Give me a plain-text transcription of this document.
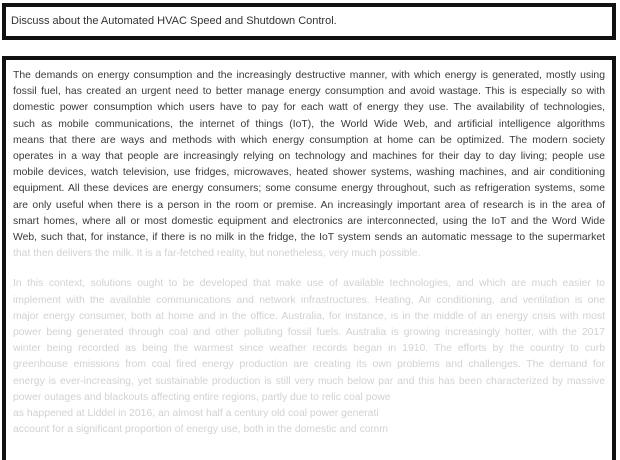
Discuss about the Automated HVAC Speed and Shutdown Control.
The demands on energy consumption and the increasingly destructive manner, with which energy is generated, mostly using
fossil fuel, has created an urgent need to better manage energy consumption and avoid wastage. This is especially so with
domestic power consumption which users have to pay for each watt of energy they use. The availability of technologies,
such as mobile communications, the internet of things (IoT), the World Wide Web, and artificial intelligence algorithms
means that there are ways and methods with which energy consumption at home can be optimized. The modern society
operates in a way that people are increasingly relying on technology and machines for their day to day living; people use
mobile devices, watch television, use fridges, microwaves, heated shower systems, washing machines, and air conditioning
equipment. All these devices are energy consumers; some consume energy throughout, such as refrigeration systems, some
are only useful when there is a person in the room or premise. An increasingly important area of research is in the area of
smart homes, where all or most domestic equipment and electronics are interconnected, using the IoT and the Word Wide
Web, such that, for instance, if there is no milk in the fridge, the IoT system sends an automatic message to the supermarket
that then delivers the milk. It is a far-fetched reality, but nonetheless, very much possible.
In this context, solutions ought to be developed that make use of available technologies, and which are much easier to
implement with the available communications and network infrastructures. Heating, Air conditioning, and ventilation is one
major energy consumer, both at home and in the office. Australia, for instance, is in the middle of an energy crisis with most
power being generated through coal and other polluting fossil fuels. Australia is growing increasingly hotter, with the 2017
winter being recorded as being the warmest since weather records began in 1910. The efforts by the country to curb
greenhouse emissions from coal fired energy production are creating its own problems and challenges. The demand for
energy is ever-increasing, yet sustainable production is still very much below par and this has been characterized by massive
power outages and blackouts affecting entire regions, partly due to relic coal powe
as happened at Liddel in 2016, an almost half a century old coal power generati
account for a significant proportion of energy use, both in the domestic and comm
